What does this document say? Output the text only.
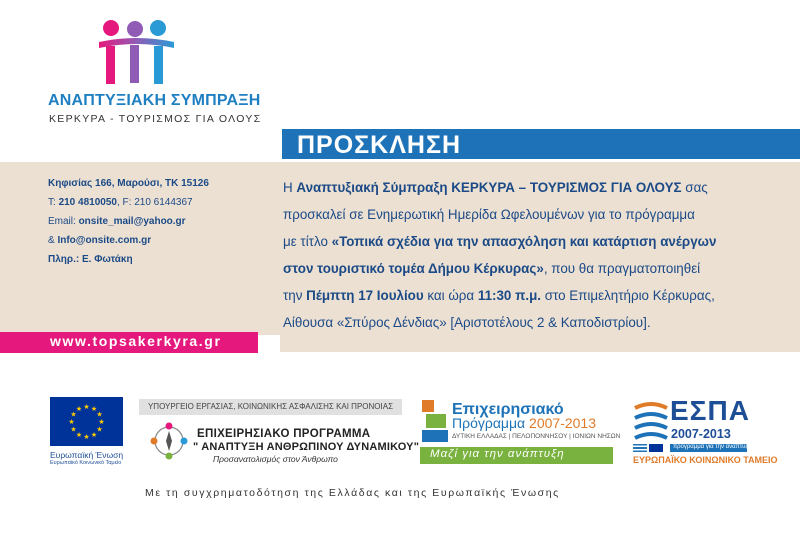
ΑΝΑΠΤΥΞΙΑΚΗ ΣΥΜΠΡΑΞΗ
ΚΕΡΚΥΡΑ - ΤΟΥΡΙΣΜΟΣ ΓΙΑ ΟΛΟΥΣ
ΠΡΟΣΚΛΗΣΗ
Κηφισίας 166, Μαρούσι, ΤΚ 15126
T: 210 4810050, F: 210 6144367
Email: onsite_mail@yahoo.gr
& Info@onsite.com.gr
Πληρ.: Ε. Φωτάκη
www.topsakerkyra.gr

Η Αναπτυξιακή Σύμπραξη ΚΕΡΚΥΡΑ – ΤΟΥΡΙΣΜΟΣ ΓΙΑ ΟΛΟΥΣ σας

προσκαλεί σε Ενημερωτική Ημερίδα Ωφελουμένων για το πρόγραμμα

με τίτλο «Τοπικά σχέδια για την απασχόληση και κατάρτιση ανέργων

στον τουριστικό τομέα Δήμου Κέρκυρας», που θα πραγματοποιηθεί

την Πέμπτη 17 Ιουλίου και ώρα 11:30 π.μ. στο Επιμελητήριο Κέρκυρας,

Αίθουσα «Σπύρος Δένδιας» [Αριστοτέλους 2 & Καποδιστρίου].

★ ★
★
★
★
★
★
★
★
★
★
★
Ευρωπαϊκή Ένωση
Ευρωπαϊκό Κοινωνικό Ταμείο
ΥΠΟΥΡΓΕΙΟ ΕΡΓΑΣΙΑΣ, ΚΟΙΝΩΝΙΚΗΣ ΑΣΦΑΛΙΣΗΣ ΚΑΙ ΠΡΟΝΟΙΑΣ
ΕΠΙΧΕΙΡΗΣΙΑΚΟ ΠΡΟΓΡΑΜΜΑ
" ΑΝΑΠΤΥΞΗ ΑΝΘΡΩΠΙΝΟΥ ΔΥΝΑΜΙΚΟΥ"
Προσανατολισμός στον Άνθρωπο
Επιχειρησιακό
Πρόγραμμα 2007-2013
ΔΥΤΙΚΗ ΕΛΛΑΔΑΣ | ΠΕΛΟΠΟΝΝΗΣΟΥ | ΙΟΝΙΩΝ ΝΗΣΩΝ
Μαζί για την ανάπτυξη
ΕΣΠΑ
2007-2013
πρόγραμμα για την ανάπτυξη
ΕΥΡΩΠΑΪΚΟ ΚΟΙΝΩΝΙΚΟ ΤΑΜΕΙΟ
Με τη συγχρηματοδότηση της Ελλάδας και της Ευρωπαϊκής Ένωσης
